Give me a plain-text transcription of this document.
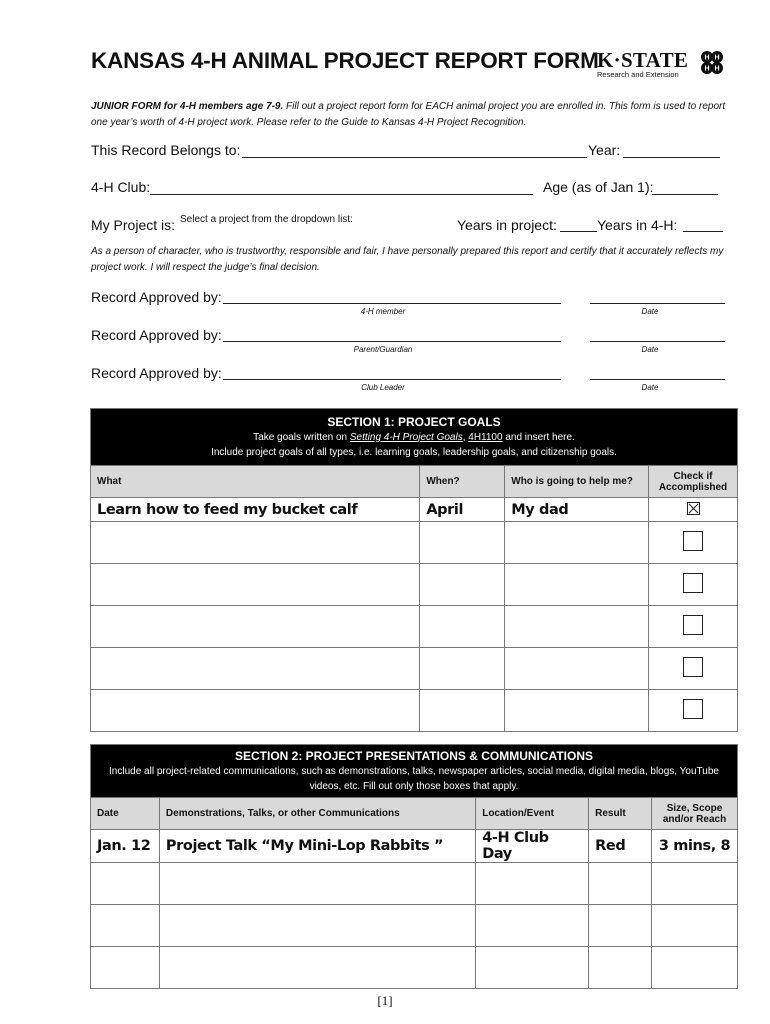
KANSAS 4-H ANIMAL PROJECT REPORT FORM
K·STATE
Research and Extension
H H
H H
JUNIOR FORM for 4-H members age 7-9. Fill out a project report form for EACH animal project you are enrolled in. This form is used to report one year’s worth of 4-H project work. Please refer to the Guide to Kansas 4-H Project Recognition.
This Record Belongs to:	Year:
4-H Club:	Age (as of Jan 1):
My Project is: Select a project from the dropdown list:	Years in project:	Years in 4-H:
As a person of character, who is trustworthy, responsible and fair, I have personally prepared this report and certify that it accurately reflects my project work. I will respect the judge’s final decision.
Record Approved by:
4-H member	Date
Record Approved by:
Parent/Guardian	Date
Record Approved by:
Club Leader	Date
SECTION 1: PROJECT GOALS
Take goals written on Setting 4-H Project Goals, 4H1100 and insert here.
Include project goals of all types, i.e. learning goals, leadership goals, and citizenship goals.			

What	When?	Who is going to help me?	Check if Accomplished
Learn how to feed my bucket calf	April	My dad	

SECTION 2: PROJECT PRESENTATIONS & COMMUNICATIONS
Include all project-related communications, such as demonstrations, talks, newspaper articles, social media, digital media, blogs, YouTube videos, etc. Fill out only those boxes that apply.				

Date	Demonstrations, Talks, or other Communications	Location/Event	Result	Size, Scope and/or Reach
Jan. 12	Project Talk “My Mini-Lop Rabbits ”	4-H Club Day	Red	3 mins, 8

[1]
